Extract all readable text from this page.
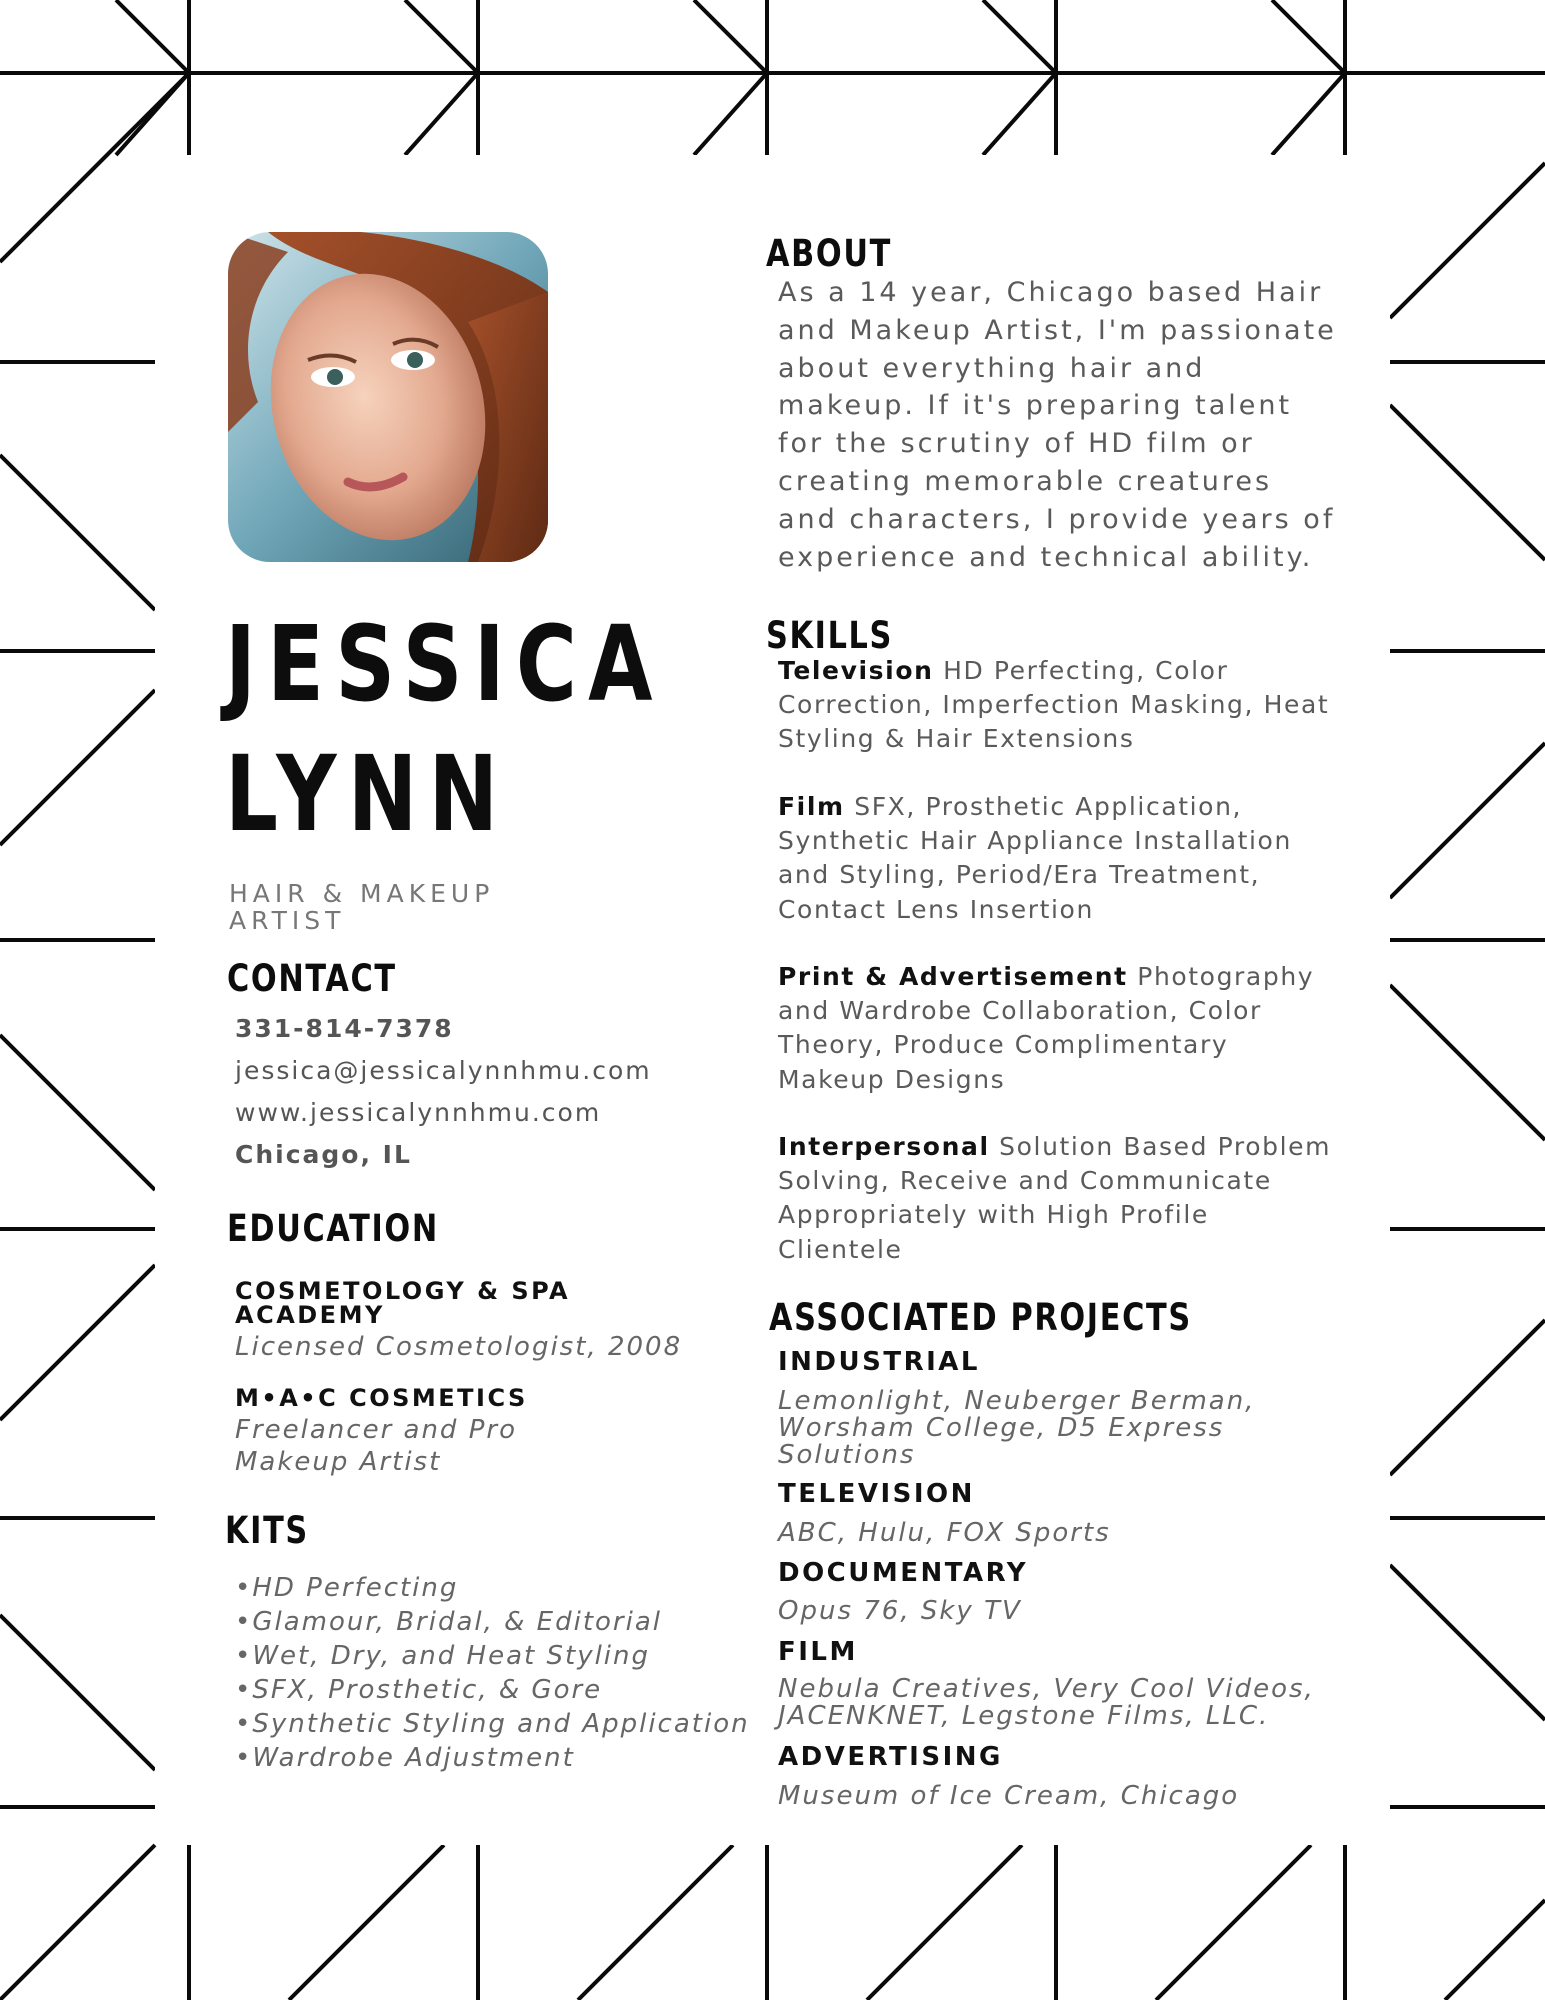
JESSICA
LYNN
HAIR & MAKEUP ARTIST
CONTACT
331-814-7378
jessica@jessicalynnhmu.com
www.jessicalynnhmu.com
Chicago, IL
EDUCATION
COSMETOLOGY & SPA ACADEMY
Licensed Cosmetologist, 2008
M•A•C COSMETICS
Freelancer and Pro Makeup Artist
KITS
• HD Perfecting
• Glamour, Bridal, & Editorial
• Wet, Dry, and Heat Styling
• SFX, Prosthetic, & Gore
• Synthetic Styling and Application
• Wardrobe Adjustment
ABOUT
As a 14 year, Chicago based Hair and Makeup Artist, I'm passionate about everything hair and makeup. If it's preparing talent for the scrutiny of HD film or creating memorable creatures and characters, I provide years of experience and technical ability.
SKILLS
Television HD Perfecting, Color Correction, Imperfection Masking, Heat Styling & Hair Extensions
Film SFX, Prosthetic Application, Synthetic Hair Appliance Installation and Styling, Period/Era Treatment, Contact Lens Insertion
Print & Advertisement Photography and Wardrobe Collaboration, Color Theory, Produce Complimentary Makeup Designs
Interpersonal Solution Based Problem Solving, Receive and Communicate Appropriately with High Profile Clientele
ASSOCIATED PROJECTS
INDUSTRIAL
Lemonlight, Neuberger Berman, Worsham College, D5 Express Solutions
TELEVISION
ABC, Hulu, FOX Sports
DOCUMENTARY
Opus 76, Sky TV
FILM
Nebula Creatives, Very Cool Videos, JACENKNET, Legstone Films, LLC.
ADVERTISING
Museum of Ice Cream, Chicago
